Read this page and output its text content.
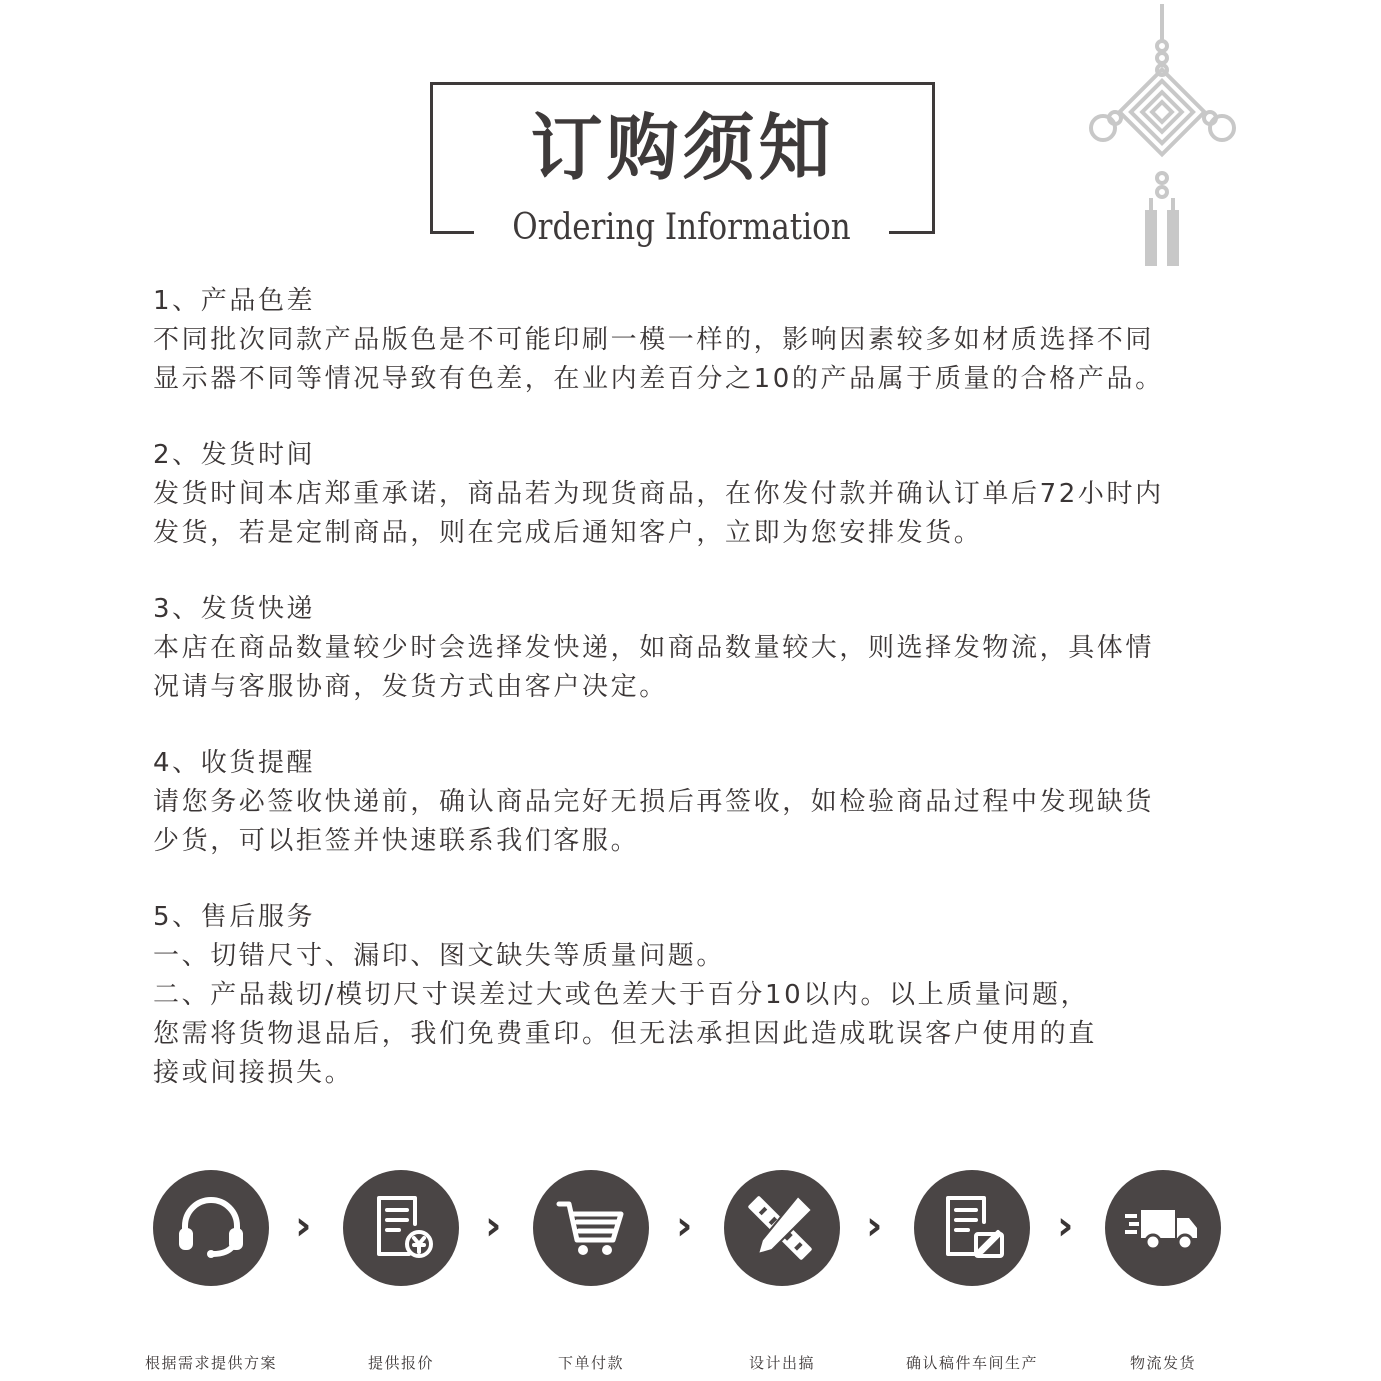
订购须知
Ordering Information
1、产品色差
不同批次同款产品版色是不可能印刷一模一样的，影响因素较多如材质选择不同
显示器不同等情况导致有色差，在业内差百分之10的产品属于质量的合格产品。
2、发货时间
发货时间本店郑重承诺，商品若为现货商品，在你发付款并确认订单后72小时内
发货，若是定制商品，则在完成后通知客户，立即为您安排发货。
3、发货快递
本店在商品数量较少时会选择发快递，如商品数量较大，则选择发物流，具体情
况请与客服协商，发货方式由客户决定。
4、收货提醒
请您务必签收快递前，确认商品完好无损后再签收，如检验商品过程中发现缺货
少货，可以拒签并快速联系我们客服。
5、售后服务
一、切错尺寸、漏印、图文缺失等质量问题。
二、产品裁切/模切尺寸误差过大或色差大于百分10以内。以上质量问题，
您需将货物退品后，我们免费重印。但无法承担因此造成耽误客户使用的直
接或间接损失。
根据需求提供方案
›
提供报价
›
下单付款
›
设计出搞
›
确认稿件车间生产
›
物流发货
